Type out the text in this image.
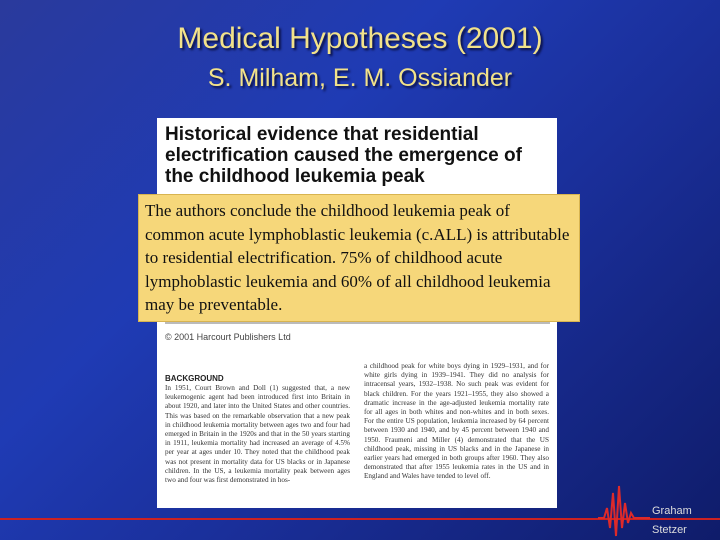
Medical Hypotheses (2001)
S. Milham, E. M. Ossiander
Historical evidence that residential electrification caused the emergence of the childhood leukemia peak
© 2001 Harcourt Publishers Ltd
BACKGROUND
In 1951, Court Brown and Doll (1) suggested that, a new leukemogenic agent had been introduced first into Britain in about 1920, and later into the United States and other countries. This was based on the remarkable observation that a new peak in childhood leukemia mortality between ages two and four had emerged in Britain in the 1920s and that in the 50 years starting in 1911, leukemia mortality had increased an average of 4.5% per year at ages under 10. They noted that the childhood peak was not present in mortality data for US blacks or in Japanese children. In the US, a leukemia mortality peak between ages two and four was first demonstrated in hos-
a childhood peak for white boys dying in 1929–1931, and for white girls dying in 1939–1941. They did no analysis for intracensal years, 1932–1938. No such peak was evident for black children. For the years 1921–1955, they also showed a dramatic increase in the age-adjusted leukemia mortality rate for all ages in both whites and non-whites and in both sexes. For the entire US population, leukemia increased by 64 percent between 1930 and 1940, and by 45 percent between 1940 and 1950. Fraumeni and Miller (4) demonstrated that the US childhood peak, missing in US blacks and in the Japanese in earlier years had emerged in both groups after 1960. They also demonstrated that after 1955 leukemia rates in the US and in England and Wales have tended to level off.
The authors conclude the childhood leukemia peak of common acute lymphoblastic leukemia (c.ALL) is attributable to residential electrification. 75% of childhood acute lymphoblastic leukemia and 60% of all childhood leukemia may be preventable.
Graham
Stetzer
